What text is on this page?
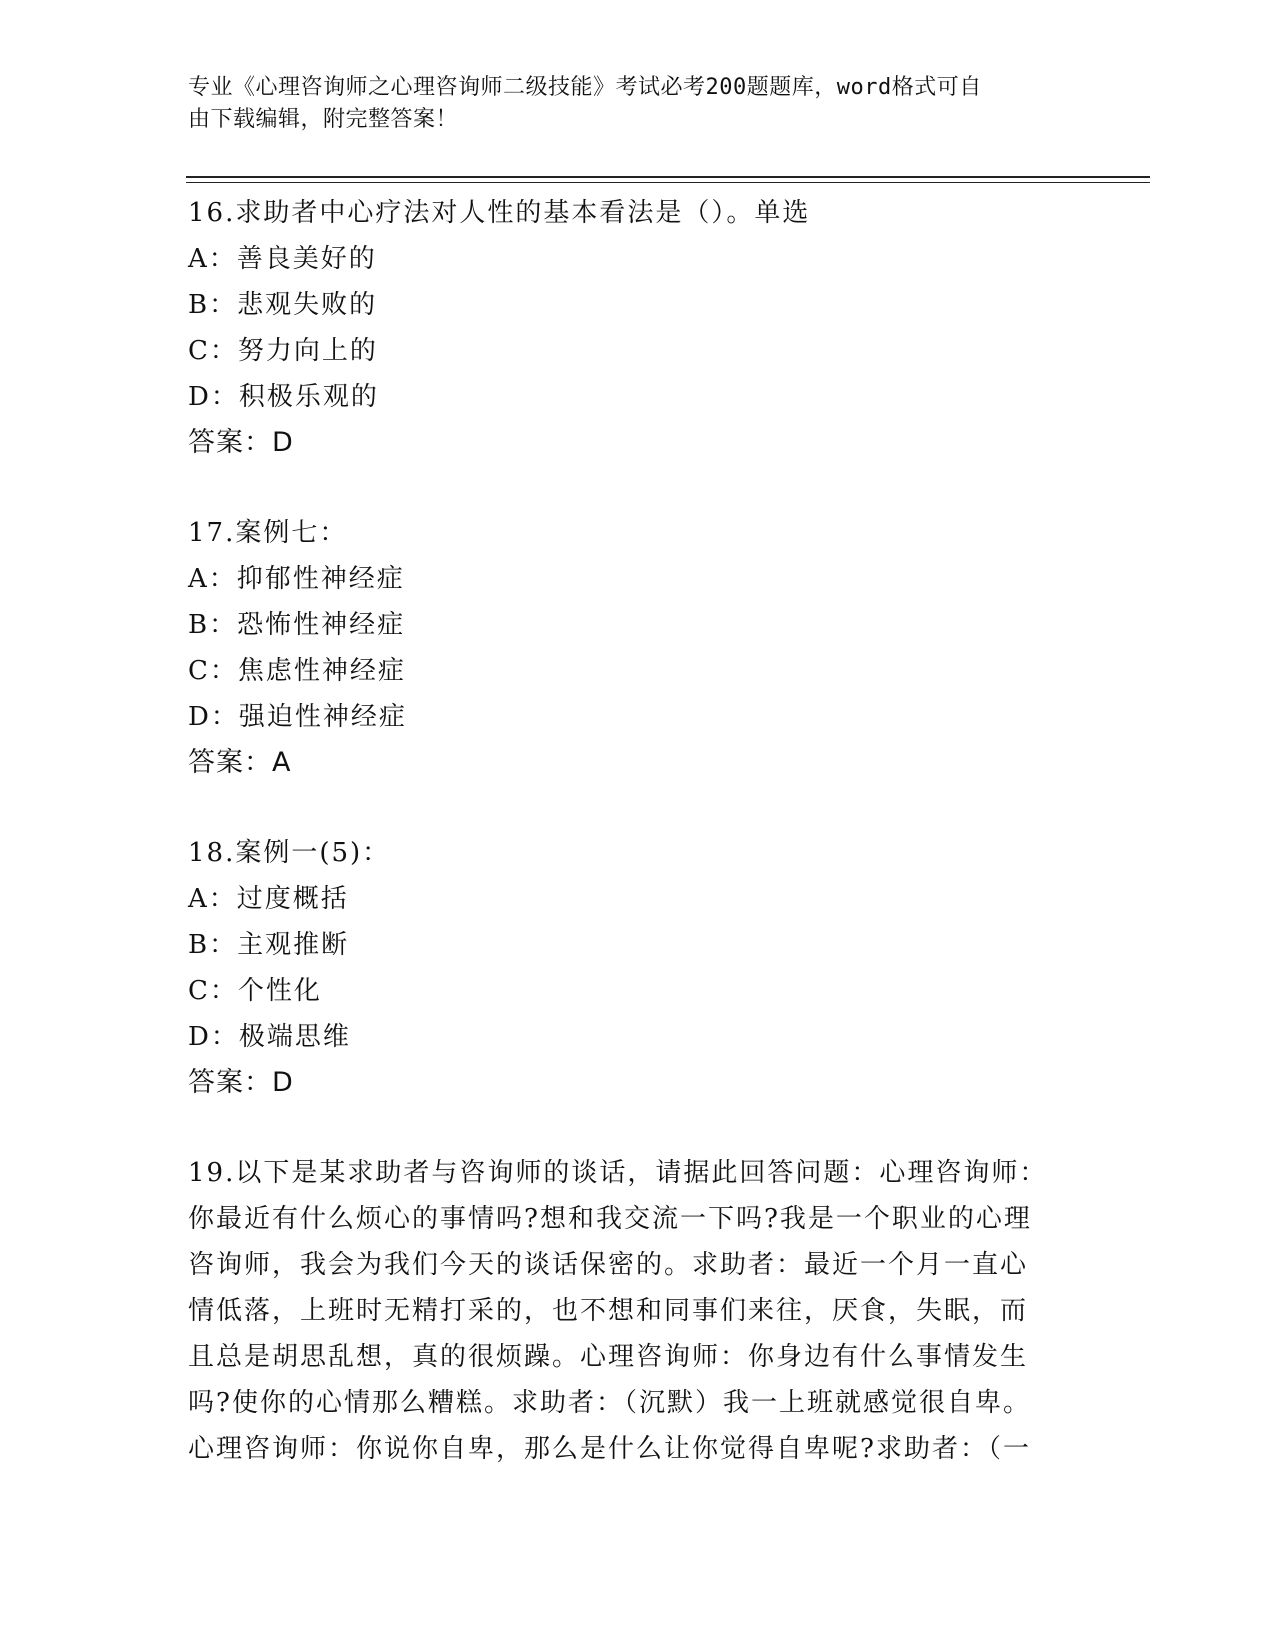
专业《心理咨询师之心理咨询师二级技能》考试必考200题题库，word格式可自
由下载编辑，附完整答案！
16.求助者中心疗法对人性的基本看法是（）。单选
A：善良美好的
B：悲观失败的
C：努力向上的
D：积极乐观的
答案：D
17.案例七：
A：抑郁性神经症
B：恐怖性神经症
C：焦虑性神经症
D：强迫性神经症
答案：A
18.案例一(5)：
A：过度概括
B：主观推断
C：个性化
D：极端思维
答案：D
19.以下是某求助者与咨询师的谈话，请据此回答问题：心理咨询师：
你最近有什么烦心的事情吗?想和我交流一下吗?我是一个职业的心理
咨询师，我会为我们今天的谈话保密的。求助者：最近一个月一直心
情低落，上班时无精打采的，也不想和同事们来往，厌食，失眠，而
且总是胡思乱想，真的很烦躁。心理咨询师：你身边有什么事情发生
吗?使你的心情那么糟糕。求助者：（沉默）我一上班就感觉很自卑。
心理咨询师：你说你自卑，那么是什么让你觉得自卑呢?求助者：（一
